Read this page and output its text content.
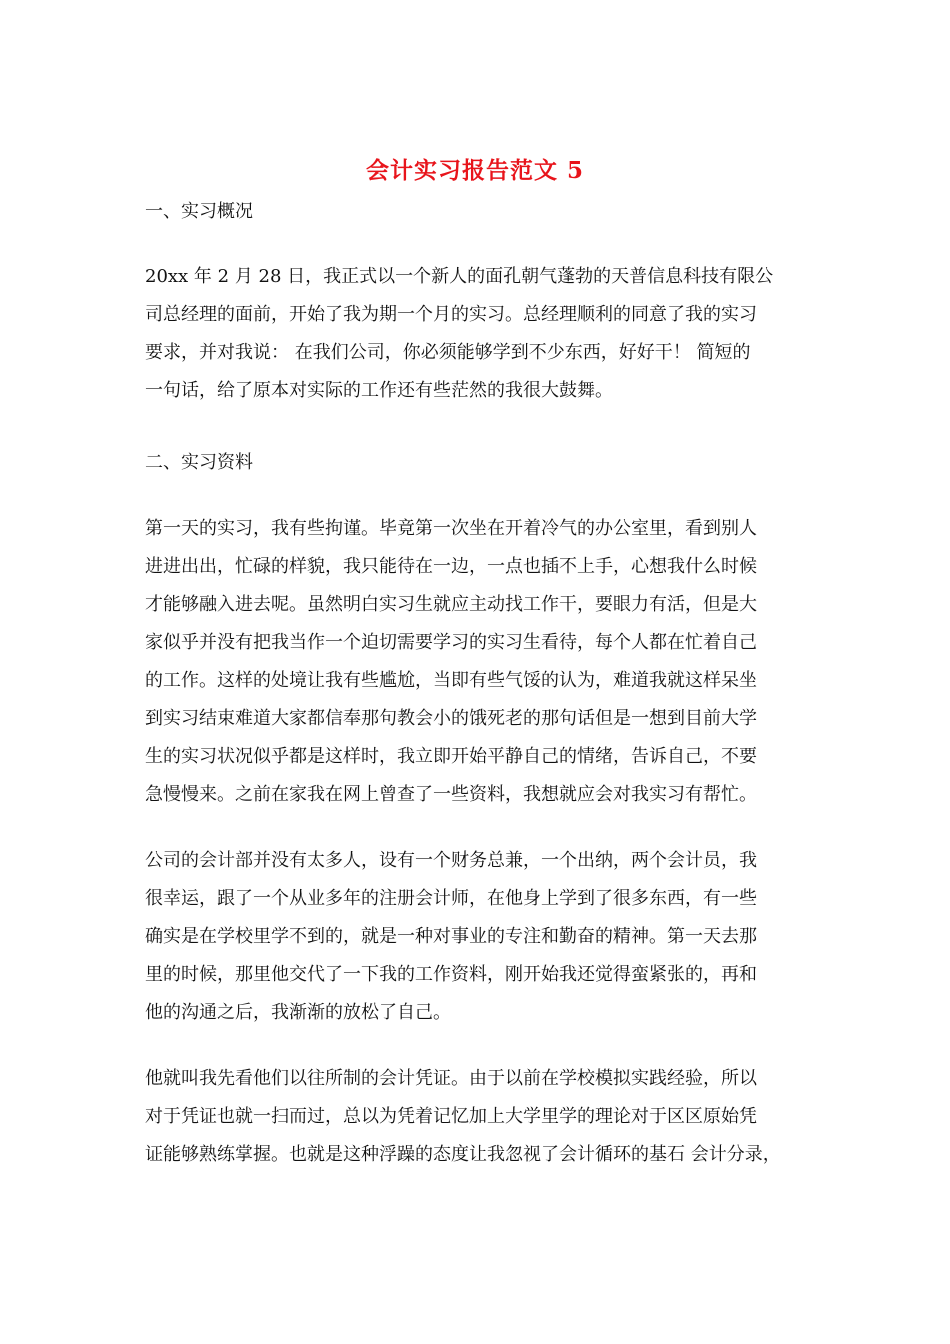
会计实习报告范文 5
一、实习概况
20xx 年 2 月 28 日，我正式以一个新人的面孔朝气蓬勃的天普信息科技有限公
司总经理的面前，开始了我为期一个月的实习。总经理顺利的同意了我的实习
要求，并对我说： 在我们公司，你必须能够学到不少东西，好好干！ 简短的
一句话，给了原本对实际的工作还有些茫然的我很大鼓舞。
二、实习资料
第一天的实习，我有些拘谨。毕竟第一次坐在开着冷气的办公室里，看到别人
进进出出，忙碌的样貌，我只能待在一边，一点也插不上手，心想我什么时候
才能够融入进去呢。虽然明白实习生就应主动找工作干，要眼力有活，但是大
家似乎并没有把我当作一个迫切需要学习的实习生看待，每个人都在忙着自己
的工作。这样的处境让我有些尴尬，当即有些气馁的认为，难道我就这样呆坐
到实习结束难道大家都信奉那句教会小的饿死老的那句话但是一想到目前大学
生的实习状况似乎都是这样时，我立即开始平静自己的情绪，告诉自己，不要
急慢慢来。之前在家我在网上曾查了一些资料，我想就应会对我实习有帮忙。
公司的会计部并没有太多人，设有一个财务总兼，一个出纳，两个会计员，我
很幸运，跟了一个从业多年的注册会计师，在他身上学到了很多东西，有一些
确实是在学校里学不到的，就是一种对事业的专注和勤奋的精神。第一天去那
里的时候，那里他交代了一下我的工作资料，刚开始我还觉得蛮紧张的，再和
他的沟通之后，我渐渐的放松了自己。
他就叫我先看他们以往所制的会计凭证。由于以前在学校模拟实践经验，所以
对于凭证也就一扫而过，总以为凭着记忆加上大学里学的理论对于区区原始凭
证能够熟练掌握。也就是这种浮躁的态度让我忽视了会计循环的基石 会计分录，
